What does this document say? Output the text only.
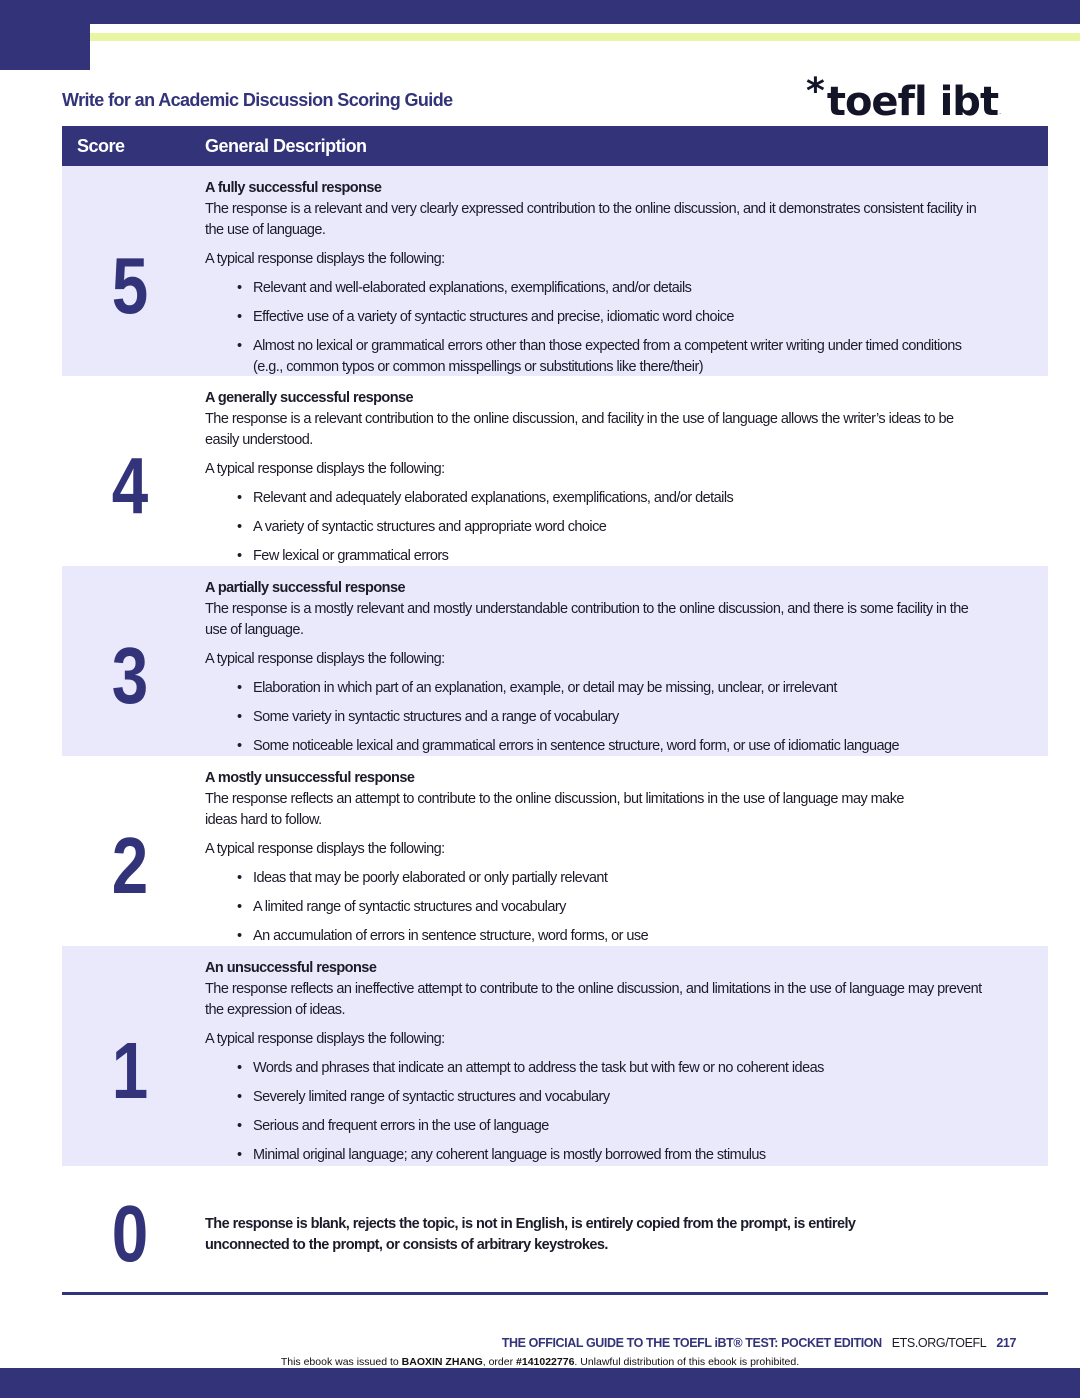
* toefl ibt .
Write for an Academic Discussion Scoring Guide
Score	General Description
5
A fully successful response
The response is a relevant and very clearly expressed contribution to the online discussion, and it demonstrates consistent facility in the use of language.
A typical response displays the following:
• Relevant and well-elaborated explanations, exemplifications, and/or details
• Effective use of a variety of syntactic structures and precise, idiomatic word choice
• Almost no lexical or grammatical errors other than those expected from a competent writer writing under timed conditions (e.g., common typos or common misspellings or substitutions like there/their)
4
A generally successful response
The response is a relevant contribution to the online discussion, and facility in the use of language allows the writer’s ideas to be easily understood.
A typical response displays the following:
• Relevant and adequately elaborated explanations, exemplifications, and/or details
• A variety of syntactic structures and appropriate word choice
• Few lexical or grammatical errors
3
A partially successful response
The response is a mostly relevant and mostly understandable contribution to the online discussion, and there is some facility in the use of language.
A typical response displays the following:
• Elaboration in which part of an explanation, example, or detail may be missing, unclear, or irrelevant
• Some variety in syntactic structures and a range of vocabulary
• Some noticeable lexical and grammatical errors in sentence structure, word form, or use of idiomatic language
2
A mostly unsuccessful response
The response reflects an attempt to contribute to the online discussion, but limitations in the use of language may make ideas hard to follow.
A typical response displays the following:
• Ideas that may be poorly elaborated or only partially relevant
• A limited range of syntactic structures and vocabulary
• An accumulation of errors in sentence structure, word forms, or use
1
An unsuccessful response
The response reflects an ineffective attempt to contribute to the online discussion, and limitations in the use of language may prevent the expression of ideas.
A typical response displays the following:
• Words and phrases that indicate an attempt to address the task but with few or no coherent ideas
• Severely limited range of syntactic structures and vocabulary
• Serious and frequent errors in the use of language
• Minimal original language; any coherent language is mostly borrowed from the stimulus
0	The response is blank, rejects the topic, is not in English, is entirely copied from the prompt, is entirely unconnected to the prompt, or consists of arbitrary keystrokes.
THE OFFICIAL GUIDE TO THE TOEFL iBT® TEST: POCKET EDITION ETS.ORG/TOEFL 217
This ebook was issued to BAOXIN ZHANG, order #141022776. Unlawful distribution of this ebook is prohibited.
